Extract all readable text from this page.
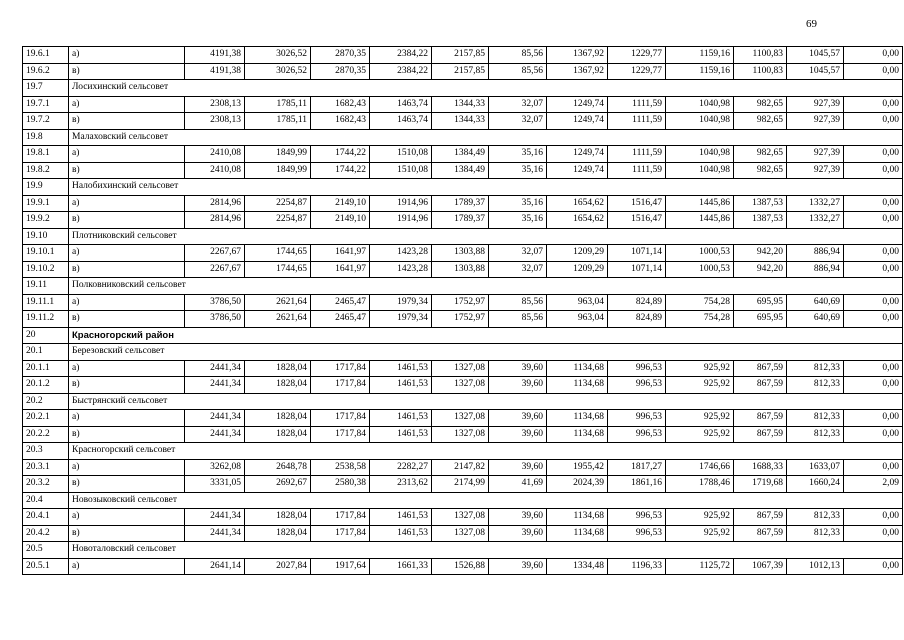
69
19.6.1	а)	4191,38	3026,52	2870,35	2384,22	2157,85	85,56	1367,92	1229,77	1159,16	1100,83	1045,57	0,00
19.6.2	в)	4191,38	3026,52	2870,35	2384,22	2157,85	85,56	1367,92	1229,77	1159,16	1100,83	1045,57	0,00
19.7	Лосихинский сельсовет												
19.7.1	а)	2308,13	1785,11	1682,43	1463,74	1344,33	32,07	1249,74	1111,59	1040,98	982,65	927,39	0,00
19.7.2	в)	2308,13	1785,11	1682,43	1463,74	1344,33	32,07	1249,74	1111,59	1040,98	982,65	927,39	0,00
19.8	Малаховский сельсовет												
19.8.1	а)	2410,08	1849,99	1744,22	1510,08	1384,49	35,16	1249,74	1111,59	1040,98	982,65	927,39	0,00
19.8.2	в)	2410,08	1849,99	1744,22	1510,08	1384,49	35,16	1249,74	1111,59	1040,98	982,65	927,39	0,00
19.9	Налобихинский сельсовет												
19.9.1	а)	2814,96	2254,87	2149,10	1914,96	1789,37	35,16	1654,62	1516,47	1445,86	1387,53	1332,27	0,00
19.9.2	в)	2814,96	2254,87	2149,10	1914,96	1789,37	35,16	1654,62	1516,47	1445,86	1387,53	1332,27	0,00
19.10	Плотниковский сельсовет												
19.10.1	а)	2267,67	1744,65	1641,97	1423,28	1303,88	32,07	1209,29	1071,14	1000,53	942,20	886,94	0,00
19.10.2	в)	2267,67	1744,65	1641,97	1423,28	1303,88	32,07	1209,29	1071,14	1000,53	942,20	886,94	0,00
19.11	Полковниковский сельсовет												
19.11.1	а)	3786,50	2621,64	2465,47	1979,34	1752,97	85,56	963,04	824,89	754,28	695,95	640,69	0,00
19.11.2	в)	3786,50	2621,64	2465,47	1979,34	1752,97	85,56	963,04	824,89	754,28	695,95	640,69	0,00
20	Красногорский район												
20.1	Березовский сельсовет												
20.1.1	а)	2441,34	1828,04	1717,84	1461,53	1327,08	39,60	1134,68	996,53	925,92	867,59	812,33	0,00
20.1.2	в)	2441,34	1828,04	1717,84	1461,53	1327,08	39,60	1134,68	996,53	925,92	867,59	812,33	0,00
20.2	Быстрянский сельсовет												
20.2.1	а)	2441,34	1828,04	1717,84	1461,53	1327,08	39,60	1134,68	996,53	925,92	867,59	812,33	0,00
20.2.2	в)	2441,34	1828,04	1717,84	1461,53	1327,08	39,60	1134,68	996,53	925,92	867,59	812,33	0,00
20.3	Красногорский сельсовет												
20.3.1	а)	3262,08	2648,78	2538,58	2282,27	2147,82	39,60	1955,42	1817,27	1746,66	1688,33	1633,07	0,00
20.3.2	в)	3331,05	2692,67	2580,38	2313,62	2174,99	41,69	2024,39	1861,16	1788,46	1719,68	1660,24	2,09
20.4	Новозыковский сельсовет												
20.4.1	а)	2441,34	1828,04	1717,84	1461,53	1327,08	39,60	1134,68	996,53	925,92	867,59	812,33	0,00
20.4.2	в)	2441,34	1828,04	1717,84	1461,53	1327,08	39,60	1134,68	996,53	925,92	867,59	812,33	0,00
20.5	Новоталовский сельсовет												
20.5.1	а)	2641,14	2027,84	1917,64	1661,33	1526,88	39,60	1334,48	1196,33	1125,72	1067,39	1012,13	0,00
